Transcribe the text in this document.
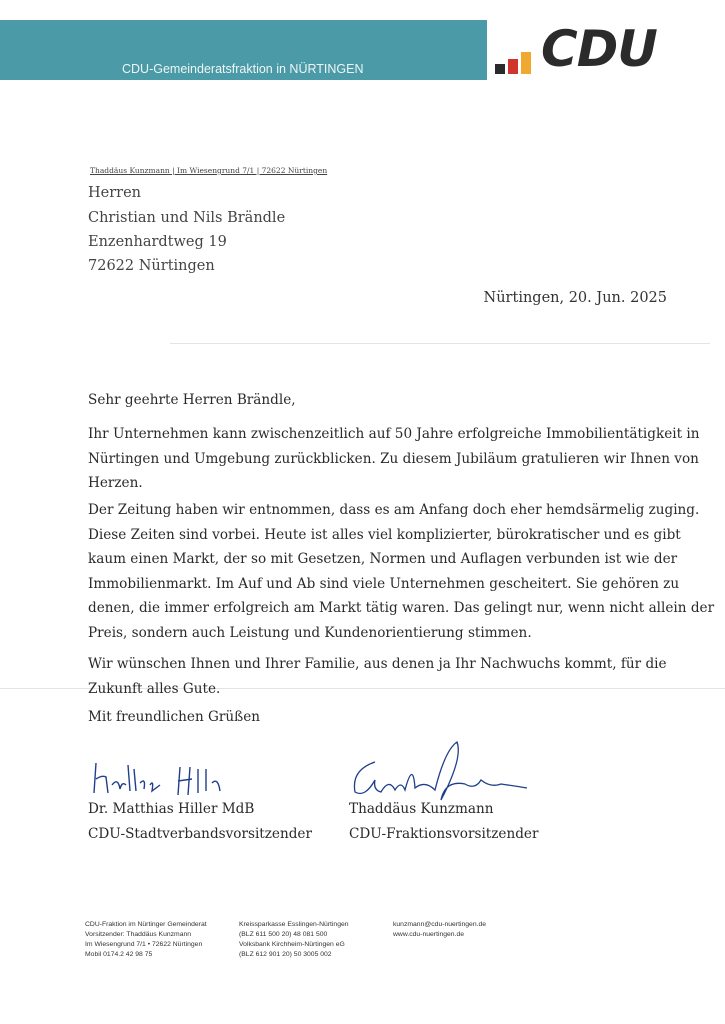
CDU-Gemeinderatsfraktion in NÜRTINGEN	CDU
Thaddäus Kunzmann | Im Wiesengrund 7/1 | 72622 Nürtingen
Herren
Christian und Nils Brändle
Enzenhardtweg 19
72622 Nürtingen
Nürtingen, 20. Jun. 2025
Sehr geehrte Herren Brändle,
Ihr Unternehmen kann zwischenzeitlich auf 50 Jahre erfolgreiche Immobilientätigkeit in
Nürtingen und Umgebung zurückblicken. Zu diesem Jubiläum gratulieren wir Ihnen von
Herzen.
Der Zeitung haben wir entnommen, dass es am Anfang doch eher hemdsärmelig zuging.
Diese Zeiten sind vorbei. Heute ist alles viel komplizierter, bürokratischer und es gibt
kaum einen Markt, der so mit Gesetzen, Normen und Auflagen verbunden ist wie der
Immobilienmarkt. Im Auf und Ab sind viele Unternehmen gescheitert. Sie gehören zu
denen, die immer erfolgreich am Markt tätig waren. Das gelingt nur, wenn nicht allein der
Preis, sondern auch Leistung und Kundenorientierung stimmen.
Wir wünschen Ihnen und Ihrer Familie, aus denen ja Ihr Nachwuchs kommt, für die
Zukunft alles Gute.
Mit freundlichen Grüßen
Dr. Matthias Hiller MdB
CDU-Stadtverbandsvorsitzender
Thaddäus Kunzmann
CDU-Fraktionsvorsitzender
CDU-Fraktion im Nürtinger Gemeinderat
Vorsitzender: Thaddäus Kunzmann
Im Wiesengrund 7/1 • 72622 Nürtingen
Mobil 0174.2 42 98 75
Kreissparkasse Esslingen-Nürtingen
(BLZ 611 500 20) 48 081 500
Volksbank Kirchheim-Nürtingen eG
(BLZ 612 901 20) 50 3005 002
kunzmann@cdu-nuertingen.de
www.cdu-nuertingen.de
